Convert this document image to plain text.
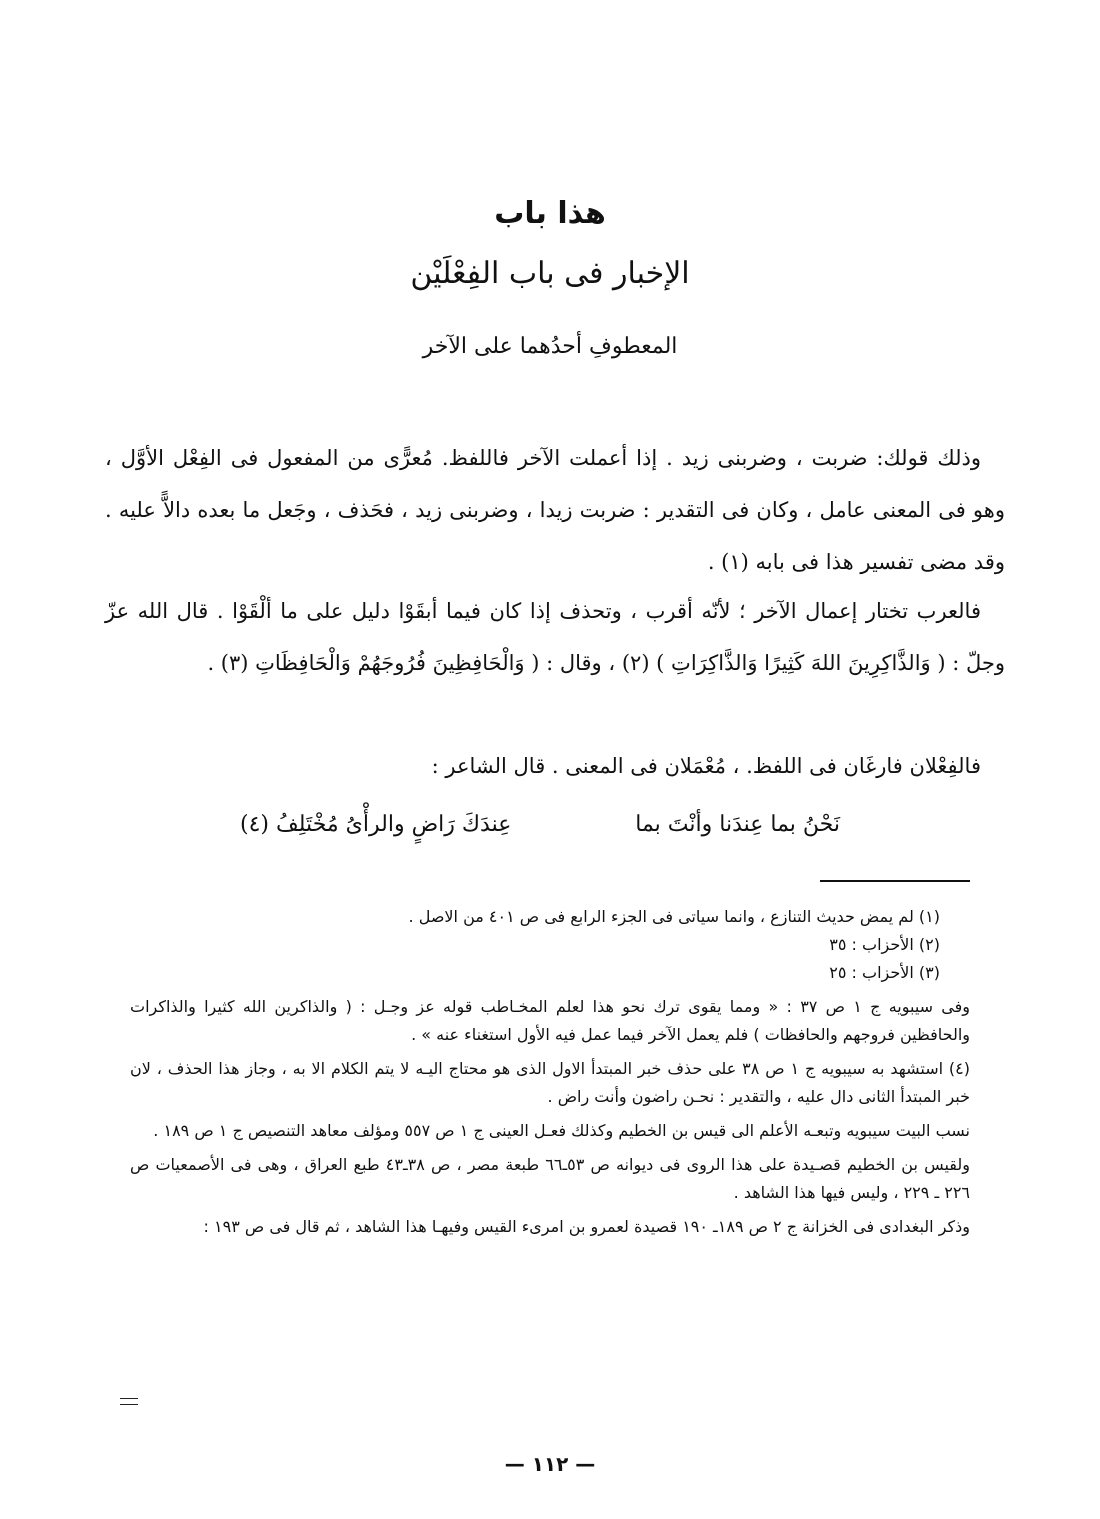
هذا باب
الإخبار فى باب الفِعْلَيْن
المعطوفِ أحدُهما على الآخر

وذلك قولك: ضربت ، وضربنى زيد . إذا أعملت الآخر فاللفظ. مُعرًّى من المفعول فى الفِعْل الأوَّل ، وهو فى المعنى عامل ، وكان فى التقدير : ضربت زيدا ، وضربنى زيد ، فحَذف ، وجَعل ما بعده دالاًّ عليه . وقد مضى تفسير هذا فى بابه (١) .

فالعرب تختار إعمال الآخر ؛ لأنّه أقرب ، وتحذف إذا كان فيما أبقَوْا دليل على ما ألْقَوْا . قال الله عزّ وجلّ : ( وَالذَّاكِرِينَ اللهَ كَثِيرًا وَالذَّاكِرَاتِ ) (٢) ، وقال : ( وَالْحَافِظِينَ فُرُوجَهُمْ وَالْحَافِظَاتِ (٣) .

فالفِعْلان فارغَان فى اللفظ. ، مُعْمَلان فى المعنى . قال الشاعر :

نَحْنُ بما عِندَنا وأنْتَ بما
عِندَكَ رَاضٍ والرأْىُ مُخْتَلِفُ (٤)

(١) لم يمض حديث التنازع ، وانما سياتى فى الجزء الرابع فى ص ٤٠١ من الاصل .

(٢) الأحزاب : ٣٥

(٣) الأحزاب : ٢٥

وفى سيبويه ج ١ ص ٣٧ : « ومما يقوى ترك نحو هذا لعلم المخـاطب قوله عز وجـل : ( والذاكرين الله كثيرا والذاكرات والحافظين فروجهم والحافظات ) فلم يعمل الآخر فيما عمل فيه الأول استغناء عنه » .

(٤) استشهد به سيبويه ج ١ ص ٣٨ على حذف خبر المبتدأ الاول الذى هو محتاج اليـه لا يتم الكلام الا به ، وجاز هذا الحذف ، لان خبر المبتدأ الثانى دال عليه ، والتقدير : نحـن راضون وأنت راض .

نسب البيت سيبويه وتبعـه الأعلم الى قيس بن الخطيم وكذلك فعـل العينى ج ١ ص ٥٥٧ ومؤلف معاهد التنصيص ج ١ ص ١٨٩ .

ولقيس بن الخطيم قصـيدة على هذا الروى فى ديوانه ص ٥٣ـ٦٦ طبعة مصر ، ص ٣٨ـ٤٣ طبع العراق ، وهى فى الأصمعيات ص ٢٢٦ ـ ٢٢٩ ، وليس فيها هذا الشاهد .

وذكر البغدادى فى الخزانة ج ٢ ص ١٨٩ـ ١٩٠ قصيدة لعمرو بن امرىء القيس وفيهـا هذا الشاهد ، ثم قال فى ص ١٩٣ :

— ١١٢ —
